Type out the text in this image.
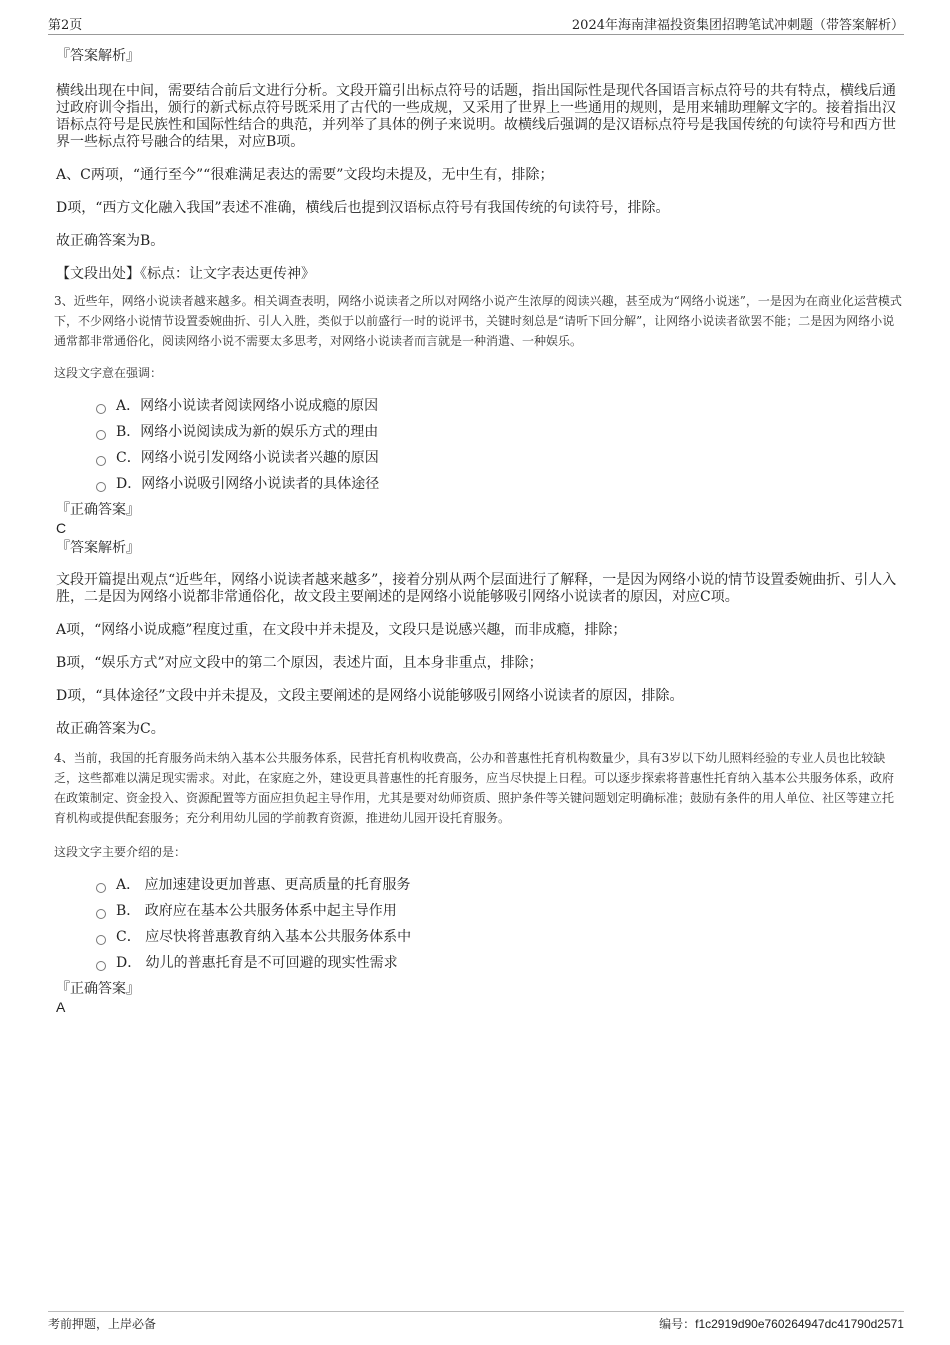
第2页	2024年海南津福投资集团招聘笔试冲刺题（带答案解析）

『答案解析』

横线出现在中间，需要结合前后文进行分析。文段开篇引出标点符号的话题，指出国际性是现代各国语言标点符号的共有特点，横线后通过政府训令指出，颁行的新式标点符号既采用了古代的一些成规，又采用了世界上一些通用的规则，是用来辅助理解文字的。接着指出汉语标点符号是民族性和国际性结合的典范，并列举了具体的例子来说明。故横线后强调的是汉语标点符号是我国传统的句读符号和西方世界一些标点符号融合的结果，对应B项。

A、C两项，“通行至今”“很难满足表达的需要”文段均未提及，无中生有，排除；

D项，“西方文化融入我国”表述不准确，横线后也提到汉语标点符号有我国传统的句读符号，排除。

故正确答案为B。

【文段出处】《标点：让文字表达更传神》

3、近些年，网络小说读者越来越多。相关调查表明，网络小说读者之所以对网络小说产生浓厚的阅读兴趣，甚至成为“网络小说迷”，一是因为在商业化运营模式下，不少网络小说情节设置委婉曲折、引人入胜，类似于以前盛行一时的说评书，关键时刻总是“请听下回分解”，让网络小说读者欲罢不能；二是因为网络小说通常都非常通俗化，阅读网络小说不需要太多思考，对网络小说读者而言就是一种消遣、一种娱乐。

这段文字意在强调：

A．网络小说读者阅读网络小说成瘾的原因

B．网络小说阅读成为新的娱乐方式的理由

C．网络小说引发网络小说读者兴趣的原因

D．网络小说吸引网络小说读者的具体途径

『正确答案』

C

『答案解析』

文段开篇提出观点“近些年，网络小说读者越来越多”，接着分别从两个层面进行了解释，一是因为网络小说的情节设置委婉曲折、引人入胜，二是因为网络小说都非常通俗化，故文段主要阐述的是网络小说能够吸引网络小说读者的原因，对应C项。

A项，“网络小说成瘾”程度过重，在文段中并未提及，文段只是说感兴趣，而非成瘾，排除；

B项，“娱乐方式”对应文段中的第二个原因，表述片面，且本身非重点，排除；

D项，“具体途径”文段中并未提及，文段主要阐述的是网络小说能够吸引网络小说读者的原因，排除。

故正确答案为C。

4、当前，我国的托育服务尚未纳入基本公共服务体系，民营托育机构收费高，公办和普惠性托育机构数量少，具有3岁以下幼儿照料经验的专业人员也比较缺乏，这些都难以满足现实需求。对此，在家庭之外，建设更具普惠性的托育服务，应当尽快提上日程。可以逐步探索将普惠性托育纳入基本公共服务体系，政府在政策制定、资金投入、资源配置等方面应担负起主导作用，尤其是要对幼师资质、照护条件等关键问题划定明确标准；鼓励有条件的用人单位、社区等建立托育机构或提供配套服务；充分利用幼儿园的学前教育资源，推进幼儿园开设托育服务。

这段文字主要介绍的是：

A． 应加速建设更加普惠、更高质量的托育服务

B． 政府应在基本公共服务体系中起主导作用

C． 应尽快将普惠教育纳入基本公共服务体系中

D． 幼儿的普惠托育是不可回避的现实性需求

『正确答案』

A

考前押题，上岸必备	编号：f1c2919d90e760264947dc41790d2571
